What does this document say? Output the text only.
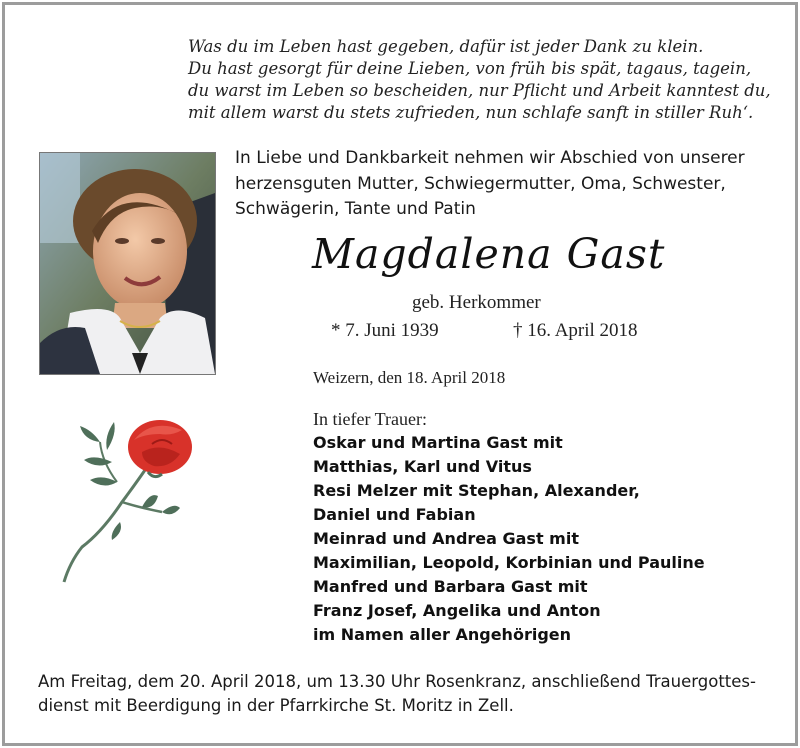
Was du im Leben hast gegeben, dafür ist jeder Dank zu klein.
Du hast gesorgt für deine Lieben, von früh bis spät, tagaus, tagein,
du warst im Leben so bescheiden, nur Pflicht und Arbeit kanntest du,
mit allem warst du stets zufrieden, nun schlafe sanft in stiller Ruh‘.
In Liebe und Dankbarkeit nehmen wir Abschied von unserer
herzensguten Mutter, Schwiegermutter, Oma, Schwester,
Schwägerin, Tante und Patin
Magdalena Gast
geb. Herkommer
* 7. Juni 1939	† 16. April 2018
Weizern, den 18. April 2018
In tiefer Trauer:
Oskar und Martina Gast mit
Matthias, Karl und Vitus
Resi Melzer mit Stephan, Alexander,
Daniel und Fabian
Meinrad und Andrea Gast mit
Maximilian, Leopold, Korbinian und Pauline
Manfred und Barbara Gast mit
Franz Josef, Angelika und Anton
im Namen aller Angehörigen
Am Freitag, dem 20. April 2018, um 13.30 Uhr Rosenkranz, anschließend Trauergottes-
dienst mit Beerdigung in der Pfarrkirche St. Moritz in Zell.
